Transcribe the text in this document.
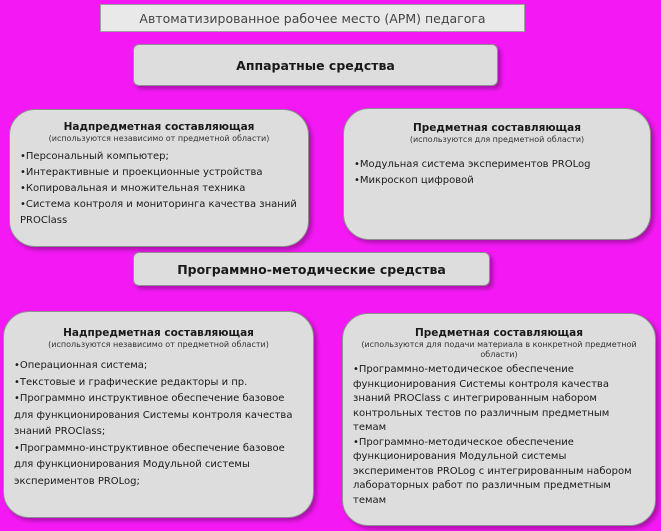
Автоматизированное рабочее место (АРМ) педагога
Аппаратные средства
Надпредметная составляющая
(используются независимо от предметной области)
•Персональный компьютер;
•Интерактивные и проекционные устройства
•Копировальная и множительная техника
•Система контроля и мониторинга качества знаний PROClass
Предметная составляющая
(используются для предметной области)
•Модульная система экспериментов PROLog
•Микроскоп цифровой
Программно-методические средства
Надпредметная составляющая
(используются независимо от предметной области)
•Операционная система;
•Текстовые и графические редакторы и пр.
•Программно инструктивное обеспечение базовое для функционирования Системы контроля качества знаний PROClass;
•Программно-инструктивное обеспечение базовое для функционирования Модульной системы экспериментов PROLog;
Предметная составляющая
(используются для подачи материала в конкретной предметной области)
•Программно-методическое обеспечение функционирования Системы контроля качества знаний PROClass с интегрированным набором контрольных тестов по различным предметным темам
•Программно-методическое обеспечение функционирования Модульной системы экспериментов PROLog с интегрированным набором лабораторных работ по различным предметным темам
